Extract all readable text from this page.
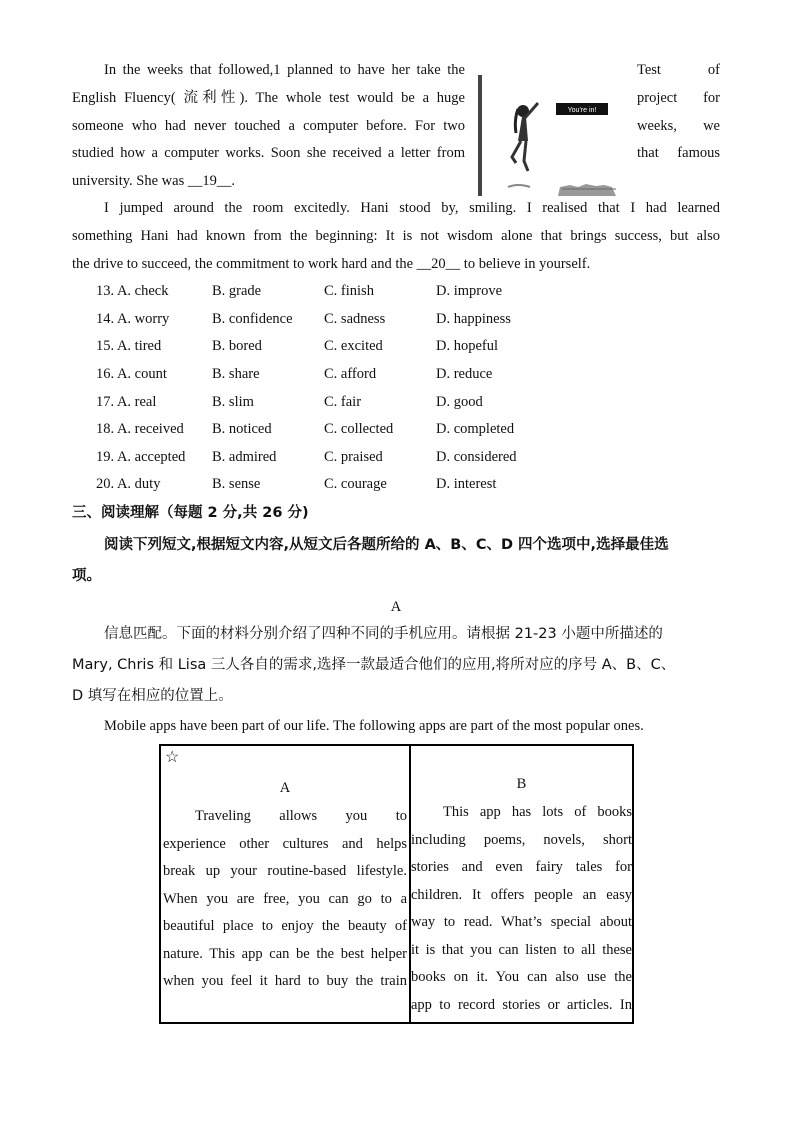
In the weeks that followed,1 planned to have her take the	Test of
English Fluency( 流利性). The whole test would be a huge	project for
someone who had never touched a computer before. For two	weeks, we
studied how a computer works. Soon she received a letter from	that famous
university. She was __19__.
You're in!
I jumped around the room excitedly. Hani stood by, smiling. I realised that I had learned
something Hani had known from the beginning: It is not wisdom alone that brings success, but also
the drive to succeed, the commitment to work hard and the __20__ to believe in yourself.
13. A. check	B. grade	C. finish	D. improve
14. A. worry	B. confidence C. sadness	D. happiness
15. A. tired	B. bored	C. excited	D. hopeful
16. A. count	B. share	C. afford	D. reduce
17. A. real	B. slim	C. fair	D. good
18. A. received B. noticed	C. collected	D. completed
19. A. accepted B. admired	C. praised	D. considered
20. A. duty	B. sense	C. courage	D. interest
三、阅读理解（每题 2 分,共 26 分)
阅读下列短文,根据短文内容,从短文后各题所给的 A、B、C、D 四个选项中,选择最佳选
项。
A
信息匹配。下面的材料分别介绍了四种不同的手机应用。请根据 21-23 小题中所描述的
Mary, Chris 和 Lisa 三人各自的需求,选择一款最适合他们的应用,将所对应的序号 A、B、C、
D 填写在相应的位置上。
Mobile apps have been part of our life. The following apps are part of the most popular ones.
☆
A
Traveling allows you to
experience other cultures and helps
break up your routine-based lifestyle.
When you are free, you can go to a
beautiful place to enjoy the beauty of
nature. This app can be the best helper
when you feel it hard to buy the train
B
This app has lots of books
including poems, novels, short
stories and even fairy tales for
children. It offers people an easy
way to read. What’s special about
it is that you can listen to all these
books on it. You can also use the
app to record stories or articles. In
